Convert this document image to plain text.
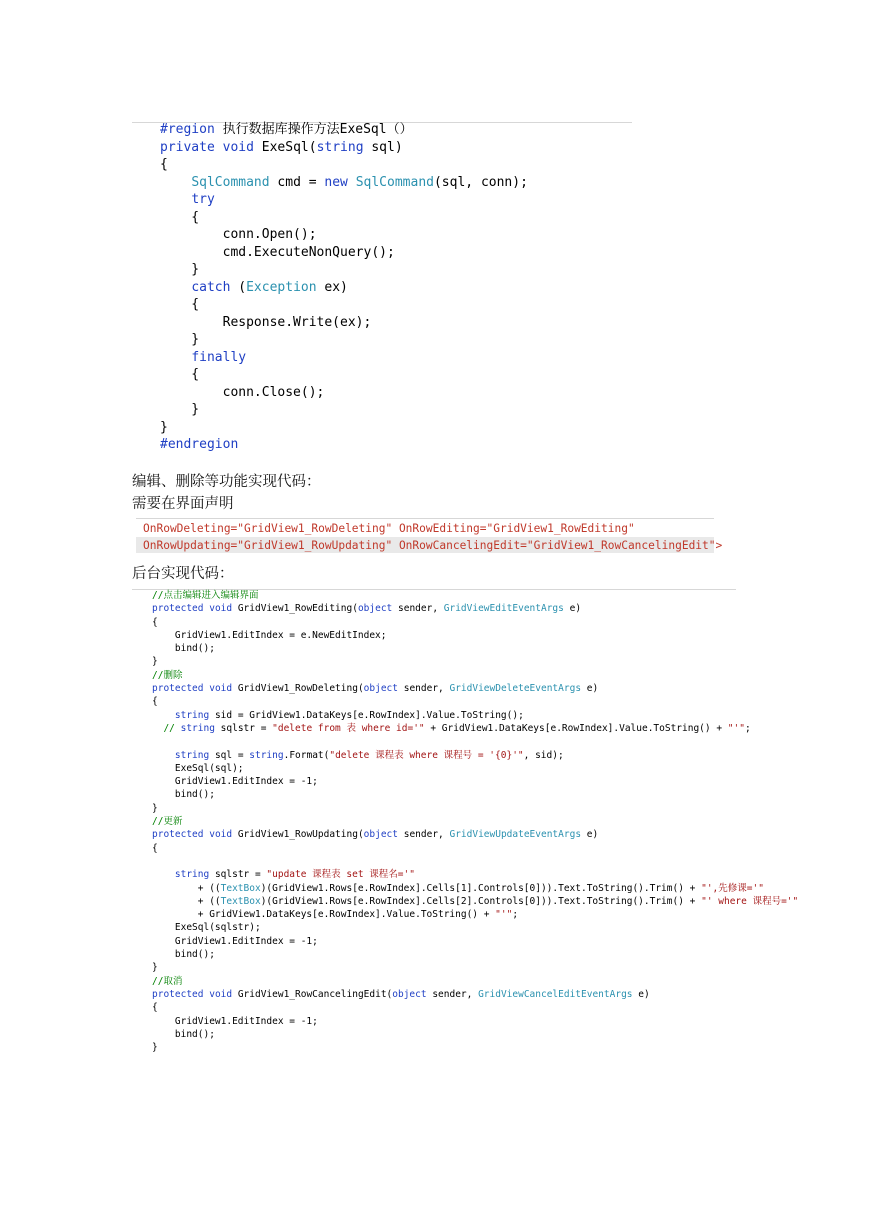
#region 执行数据库操作方法ExeSql（）
private void ExeSql(string sql)
{
SqlCommand cmd = new SqlCommand(sql, conn);
try
{
conn.Open();
cmd.ExecuteNonQuery();
}
catch (Exception ex)
{
Response.Write(ex);
}
finally
{
conn.Close();
}
}
#endregion

编辑、删除等功能实现代码：

需要在界面声明

OnRowDeleting="GridView1_RowDeleting" OnRowEditing="GridView1_RowEditing"
OnRowUpdating="GridView1_RowUpdating" OnRowCancelingEdit="GridView1_RowCancelingEdit">

后台实现代码：

//点击编辑进入编辑界面
protected void GridView1_RowEditing(object sender, GridViewEditEventArgs e)
{
GridView1.EditIndex = e.NewEditIndex;
bind();
}
//删除
protected void GridView1_RowDeleting(object sender, GridViewDeleteEventArgs e)
{
string sid = GridView1.DataKeys[e.RowIndex].Value.ToString();
// string sqlstr = "delete from 表 where id='" + GridView1.DataKeys[e.RowIndex].Value.ToString() + "'";
string sql = string.Format("delete 课程表 where 课程号 = '{0}'", sid);
ExeSql(sql);
GridView1.EditIndex = -1;
bind();
}
//更新
protected void GridView1_RowUpdating(object sender, GridViewUpdateEventArgs e)
{
string sqlstr = "update 课程表 set 课程名='"
+ ((TextBox)(GridView1.Rows[e.RowIndex].Cells[1].Controls[0])).Text.ToString().Trim() + "',先修课='"
+ ((TextBox)(GridView1.Rows[e.RowIndex].Cells[2].Controls[0])).Text.ToString().Trim() + "' where 课程号='"
+ GridView1.DataKeys[e.RowIndex].Value.ToString() + "'";
ExeSql(sqlstr);
GridView1.EditIndex = -1;
bind();
}
//取消
protected void GridView1_RowCancelingEdit(object sender, GridViewCancelEditEventArgs e)
{
GridView1.EditIndex = -1;
bind();
}
